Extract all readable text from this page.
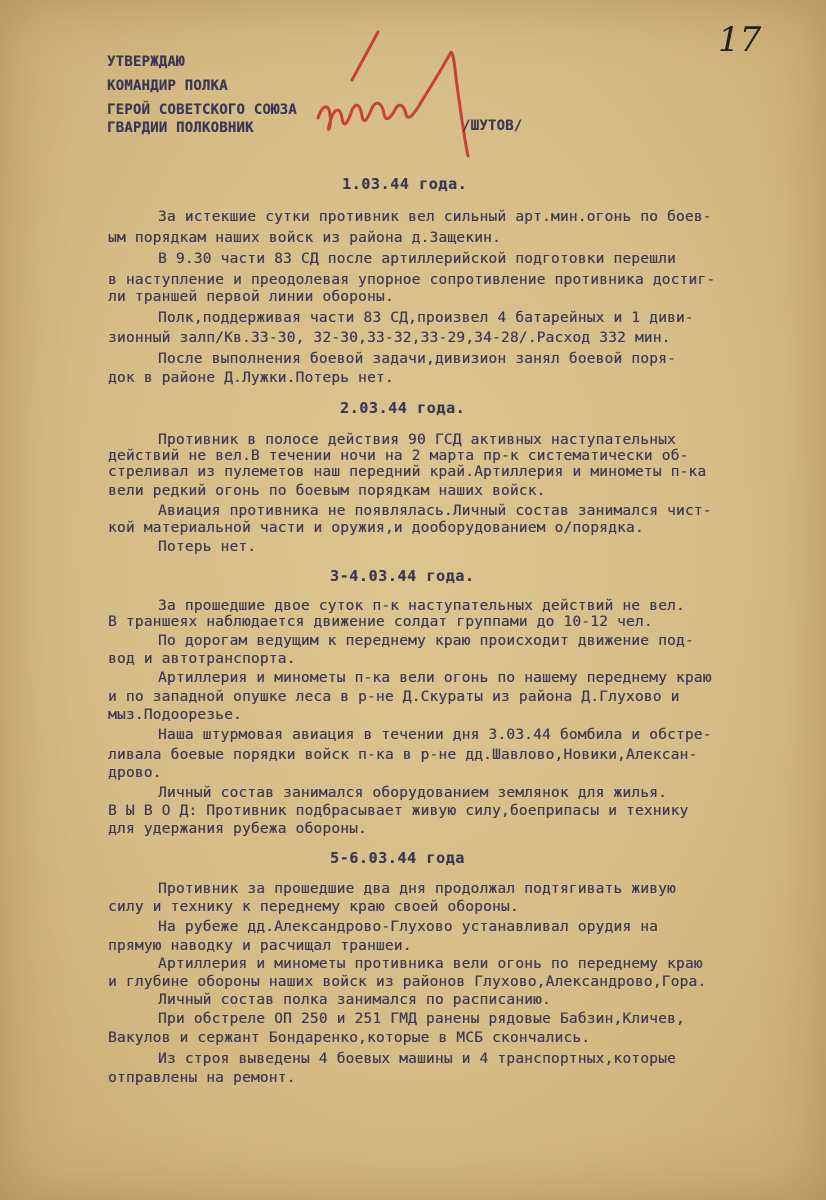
17

УТВЕРЖДАЮ

КОМАНДИР ПОЛКА

ГЕРОЙ СОВЕТСКОГО СОЮЗА

ГВАРДИИ ПОЛКОВНИК	/ШУТОВ/

1.03.44 года.

За истекшие сутки противник вел сильный арт.мин.огонь по боев-

ым порядкам наших войск из района д.Защекин.

В 9.30 части 83 СД после артиллерийской подготовки перешли

в наступление и преодолевая упорное сопротивление противника достиг-

ли траншей первой линии обороны.

Полк,поддерживая части 83 СД,произвел 4 батарейных и 1 диви-

зионный залп/Кв.33-30, 32-30,33-32,33-29,34-28/.Расход 332 мин.

После выполнения боевой задачи,дивизион занял боевой поря-

док в районе Д.Лужки.Потерь нет.

2.03.44 года.

Противник в полосе действия 90 ГСД активных наступательных

действий не вел.В течении ночи на 2 марта пр-к систематически об-

стреливал из пулеметов наш передний край.Артиллерия и минометы п-ка

вели редкий огонь по боевым порядкам наших войск.

Авиация противника не появлялась.Личный состав занимался чист-

кой материальной части и оружия,и дооборудованием о/порядка.

Потерь нет.

3-4.03.44 года.

За прошедшие двое суток п-к наступательных действий не вел.

В траншеях наблюдается движение солдат группами до 10-12 чел.

По дорогам ведущим к переднему краю происходит движение под-

вод и автотранспорта.

Артиллерия и минометы п-ка вели огонь по нашему переднему краю

и по западной опушке леса в р-не Д.Скураты из района Д.Глухово и

мыз.Подоорезье.

Наша штурмовая авиация в течении дня 3.03.44 бомбила и обстре-

ливала боевые порядки войск п-ка в р-не дд.Шавлово,Новики,Алексан-

дрово.

Личный состав занимался оборудованием землянок для жилья.

В Ы В О Д: Противник подбрасывает живую силу,боеприпасы и технику

для удержания рубежа обороны.

5-6.03.44 года

Противник за прошедшие два дня продолжал подтягивать живую

силу и технику к переднему краю своей обороны.

На рубеже дд.Александрово-Глухово устанавливал орудия на

прямую наводку и расчищал траншеи.

Артиллерия и минометы противника вели огонь по переднему краю

и глубине обороны наших войск из районов Глухово,Александрово,Гора.

Личный состав полка занимался по расписанию.

При обстреле ОП 250 и 251 ГМД ранены рядовые Бабзин,Кличев,

Вакулов и сержант Бондаренко,которые в МСБ скончались.

Из строя выведены 4 боевых машины и 4 транспортных,которые

отправлены на ремонт.
